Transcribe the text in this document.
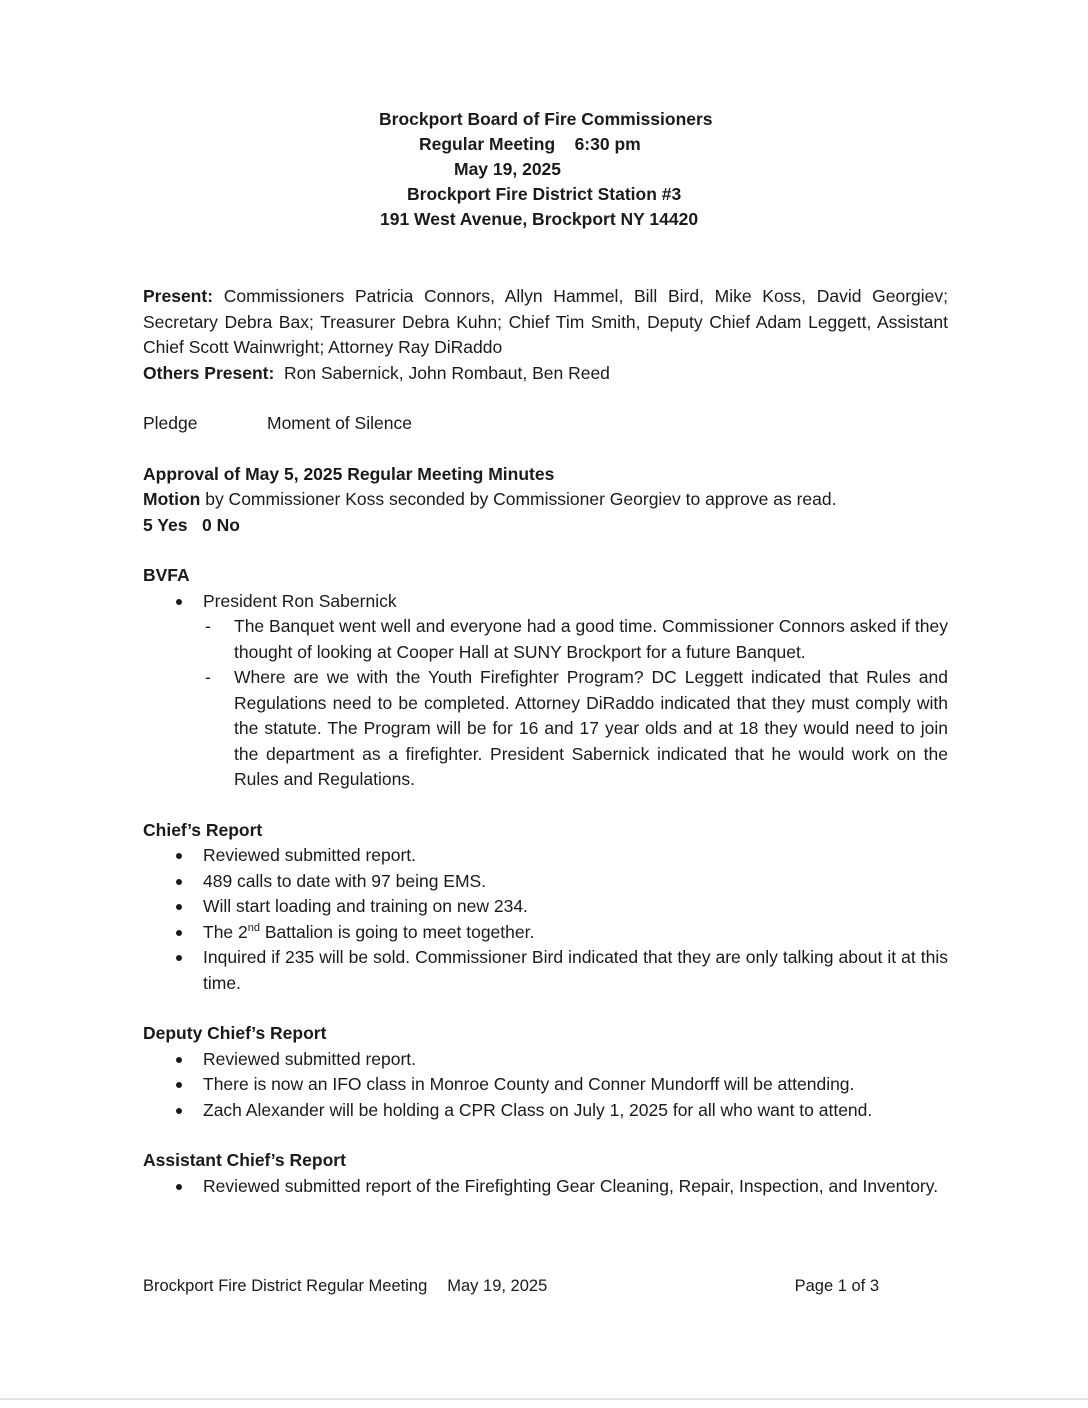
Brockport Board of Fire Commissioners
Regular Meeting    6:30 pm
May 19, 2025
Brockport Fire District Station #3
191 West Avenue, Brockport NY 14420

Present: Commissioners Patricia Connors, Allyn Hammel, Bill Bird, Mike Koss, David Georgiev; Secretary Debra Bax; Treasurer Debra Kuhn; Chief Tim Smith, Deputy Chief Adam Leggett, Assistant Chief Scott Wainwright; Attorney Ray DiRaddo

Others Present:  Ron Sabernick, John Rombaut, Ben Reed

Pledge	Moment of Silence

Approval of May 5, 2025 Regular Meeting Minutes

Motion by Commissioner Koss seconded by Commissioner Georgiev to approve as read.

5 Yes   0 No

BVFA

President Ron Sabernick
- The Banquet went well and everyone had a good time. Commissioner Connors asked if they thought of looking at Cooper Hall at SUNY Brockport for a future Banquet.
- Where are we with the Youth Firefighter Program? DC Leggett indicated that Rules and Regulations need to be completed. Attorney DiRaddo indicated that they must comply with the statute. The Program will be for 16 and 17 year olds and at 18 they would need to join the department as a firefighter. President Sabernick indicated that he would work on the Rules and Regulations.

Chief’s Report

Reviewed submitted report.
489 calls to date with 97 being EMS.
Will start loading and training on new 234.
The 2nd Battalion is going to meet together.
Inquired if 235 will be sold. Commissioner Bird indicated that they are only talking about it at this time.

Deputy Chief’s Report

Reviewed submitted report.
There is now an IFO class in Monroe County and Conner Mundorff will be attending.
Zach Alexander will be holding a CPR Class on July 1, 2025 for all who want to attend.

Assistant Chief’s Report

Reviewed submitted report of the Firefighting Gear Cleaning, Repair, Inspection, and Inventory.
Brockport Fire District Regular Meeting May 19, 2025	Page 1 of 3
